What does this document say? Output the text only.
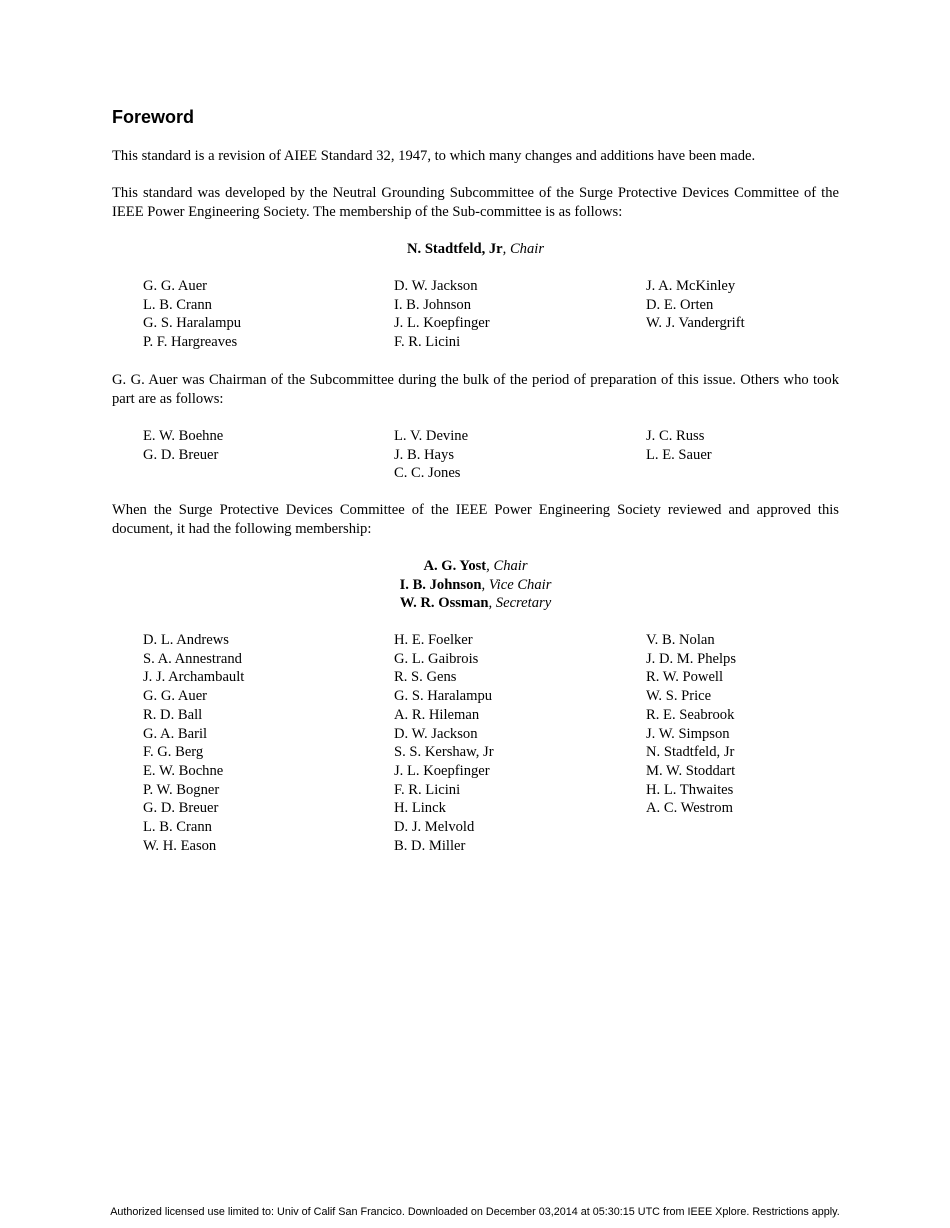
Foreword

This standard is a revision of AIEE Standard 32, 1947, to which many changes and additions have been made.

This standard was developed by the Neutral Grounding Subcommittee of the Surge Protective Devices Committee of the IEEE Power Engineering Society. The membership of the Sub-committee is as follows:

N. Stadtfeld, Jr, Chair
G. G. Auer
L. B. Crann
G. S. Haralampu
P. F. Hargreaves
D. W. Jackson
I. B. Johnson
J. L. Koepfinger
F. R. Licini
J. A. McKinley
D. E. Orten
W. J. Vandergrift

G. G. Auer was Chairman of the Subcommittee during the bulk of the period of preparation of this issue. Others who took part are as follows:

E. W. Boehne
G. D. Breuer
L. V. Devine
J. B. Hays
C. C. Jones
J. C. Russ
L. E. Sauer

When the Surge Protective Devices Committee of the IEEE Power Engineering Society reviewed and approved this document, it had the following membership:

A. G. Yost, Chair
I. B. Johnson, Vice Chair
W. R. Ossman, Secretary
D. L. Andrews
S. A. Annestrand
J. J. Archambault
G. G. Auer
R. D. Ball
G. A. Baril
F. G. Berg
E. W. Bochne
P. W. Bogner
G. D. Breuer
L. B. Crann
W. H. Eason
H. E. Foelker
G. L. Gaibrois
R. S. Gens
G. S. Haralampu
A. R. Hileman
D. W. Jackson
S. S. Kershaw, Jr
J. L. Koepfinger
F. R. Licini
H. Linck
D. J. Melvold
B. D. Miller
V. B. Nolan
J. D. M. Phelps
R. W. Powell
W. S. Price
R. E. Seabrook
J. W. Simpson
N. Stadtfeld, Jr
M. W. Stoddart
H. L. Thwaites
A. C. Westrom
Authorized licensed use limited to: Univ of Calif San Francico. Downloaded on December 03,2014 at 05:30:15 UTC from IEEE Xplore. Restrictions apply.
